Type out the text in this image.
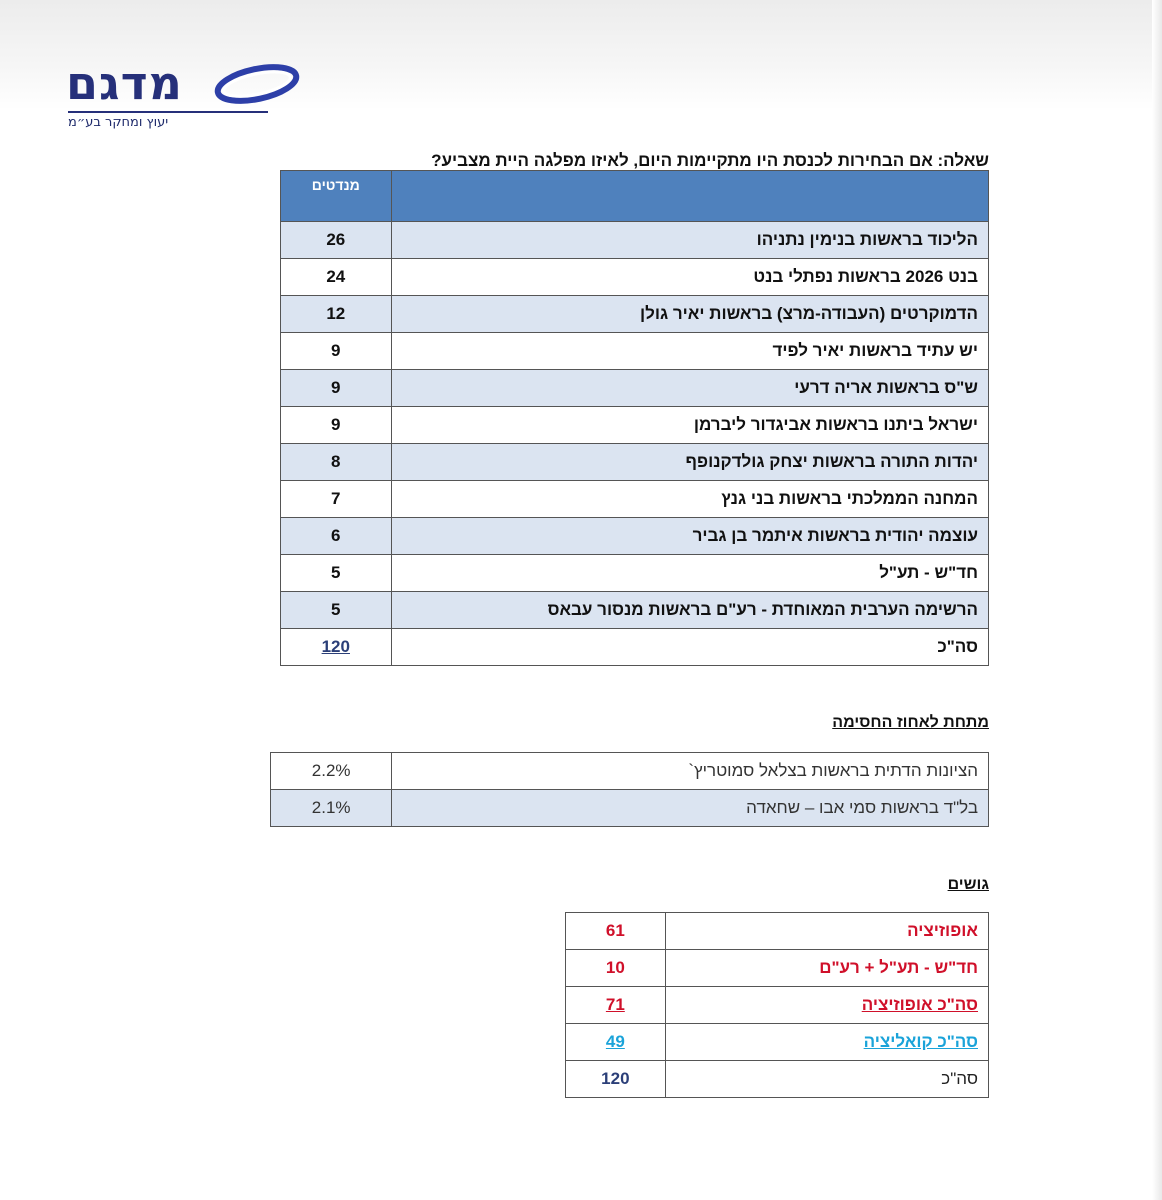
מדגם
יעוץ ומחקר בע״מ
שאלה: אם הבחירות לכנסת היו מתקיימות היום, לאיזו מפלגה היית מצביע?
	מנדטים
הליכוד בראשות בנימין נתניהו	26
בנט 2026 בראשות נפתלי בנט	24
הדמוקרטים (העבודה-מרצ) בראשות יאיר גולן	12
יש עתיד בראשות יאיר לפיד	9
ש"ס בראשות אריה דרעי	9
ישראל ביתנו בראשות אביגדור ליברמן	9
יהדות התורה בראשות יצחק גולדקנופף	8
המחנה הממלכתי בראשות בני גנץ	7
עוצמה יהודית בראשות איתמר בן גביר	6
חד"ש - תע"ל	5
הרשימה הערבית המאוחדת - רע"ם בראשות מנסור עבאס	5
סה"כ	120
מתחת לאחוז החסימה
הציונות הדתית בראשות בצלאל סמוטריץ`	2.2%
בל"ד בראשות סמי אבו – שחאדה	2.1%
גושים
אופוזיציה	61
חד"ש - תע"ל + רע"ם	10
סה"כ אופוזיציה	71
סה"כ קואליציה	49
סה"כ	120
